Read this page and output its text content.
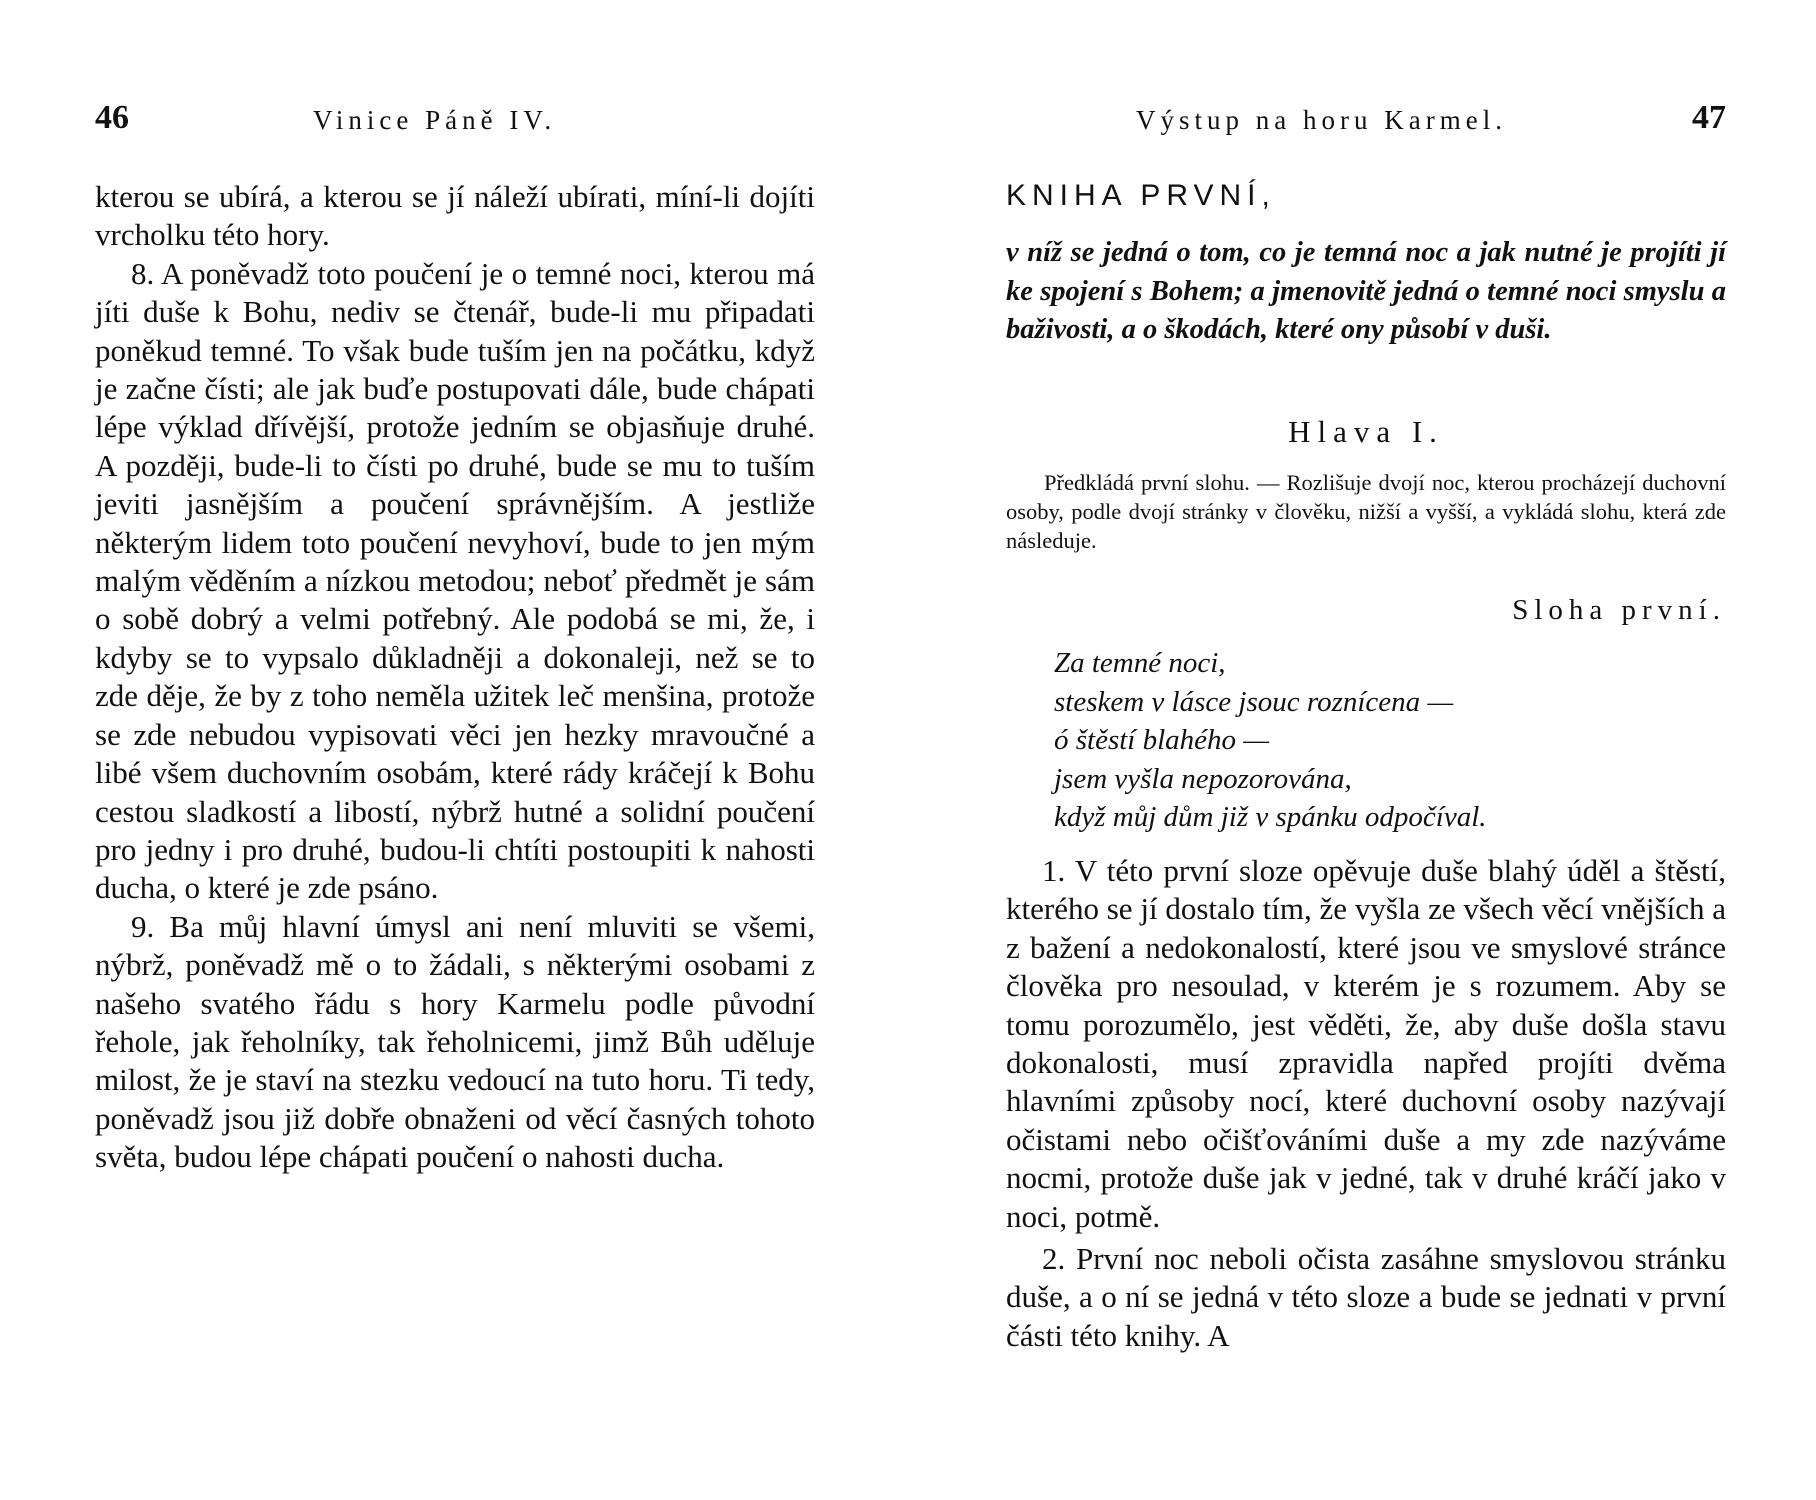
46	Vinice Páně IV.

kterou se ubírá, a kterou se jí náleží ubírati, míní-li dojíti vrcholku této hory.

8. A poněvadž toto poučení je o temné noci, kterou má jíti duše k Bohu, nediv se čtenář, bude-li mu připadati poněkud temné. To však bude tuším jen na počátku, když je začne čísti; ale jak buďe postupovati dále, bude chápati lépe výklad dřívější, protože jedním se objasňuje druhé. A později, bude-li to čísti po druhé, bude se mu to tuším jeviti jasnějším a poučení správnějším. A jestliže některým lidem toto poučení nevyhoví, bude to jen mým malým věděním a nízkou metodou; neboť předmět je sám o sobě dobrý a velmi potřebný. Ale podobá se mi, že, i kdyby se to vypsalo důkladněji a dokonaleji, než se to zde děje, že by z toho neměla užitek leč menšina, protože se zde nebudou vypisovati věci jen hezky mravoučné a libé všem duchovním osobám, které rády kráčejí k Bohu cestou sladkostí a libostí, nýbrž hutné a solidní poučení pro jedny i pro druhé, budou-li chtíti postoupiti k nahosti ducha, o které je zde psáno.

9. Ba můj hlavní úmysl ani není mluviti se všemi, nýbrž, poněvadž mě o to žádali, s některými osobami z našeho svatého řádu s hory Karmelu podle původní řehole, jak řeholníky, tak řeholnicemi, jimž Bůh uděluje milost, že je staví na stezku vedoucí na tuto horu. Ti tedy, poněvadž jsou již dobře obnaženi od věcí časných tohoto světa, budou lépe chápati poučení o nahosti ducha.

Výstup na horu Karmel.	47
KNIHA PRVNÍ,
v níž se jedná o tom, co je temná noc a jak nutné je projíti jí ke spojení s Bohem; a jmenovitě jedná o temné noci smyslu a baživosti, a o škodách, které ony působí v duši.
Hlava I.
Předkládá první slohu. — Rozlišuje dvojí noc, kterou procházejí duchovní osoby, podle dvojí stránky v člověku, nižší a vyšší, a vykládá slohu, která zde následuje.
Sloha první.
Za temné noci,
steskem v lásce jsouc roznícena —
ó štěstí blahého —
jsem vyšla nepozorována,
když můj dům již v spánku odpočíval.

1. V této první sloze opěvuje duše blahý úděl a štěstí, kterého se jí dostalo tím, že vyšla ze všech věcí vnějších a z bažení a nedokonalostí, které jsou ve smyslové stránce člověka pro nesoulad, v kterém je s rozumem. Aby se tomu porozumělo, jest věděti, že, aby duše došla stavu dokonalosti, musí zpravidla napřed projíti dvěma hlavními způsoby nocí, které duchovní osoby nazývají očistami nebo očišťováními duše a my zde nazýváme nocmi, protože duše jak v jedné, tak v druhé kráčí jako v noci, potmě.

2. První noc neboli očista zasáhne smyslovou stránku duše, a o ní se jedná v této sloze a bude se jednati v první části této knihy. A
